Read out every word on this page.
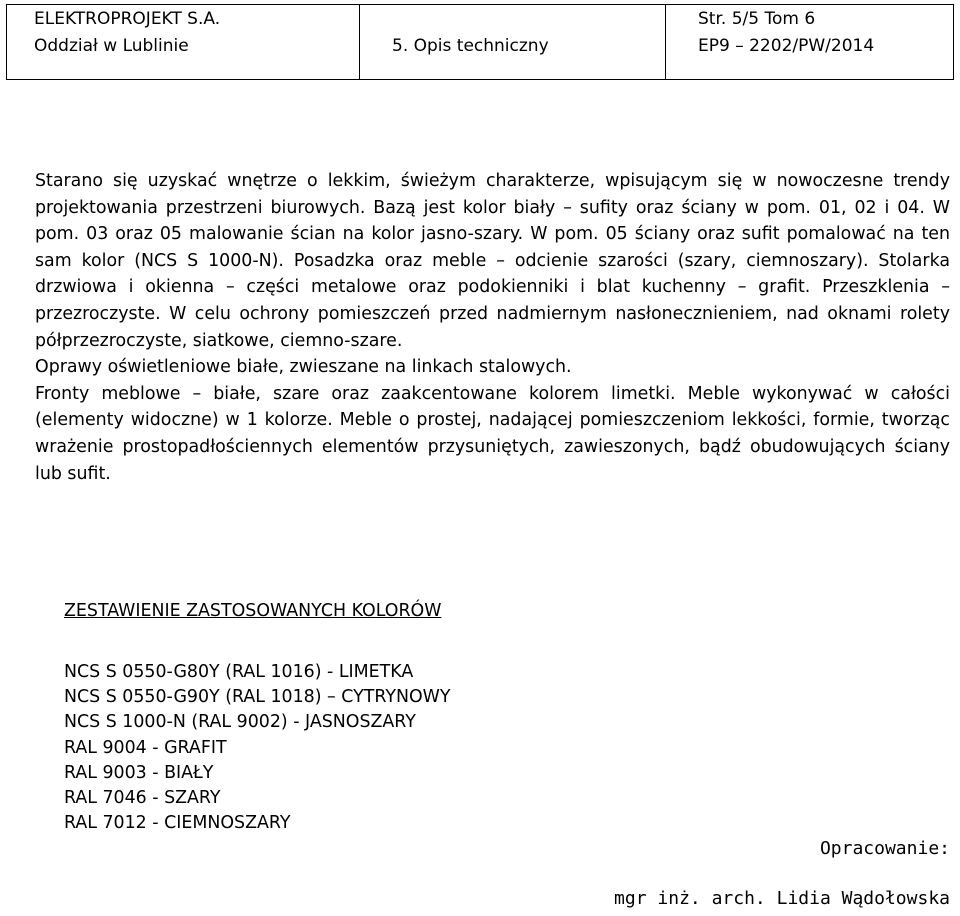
ELEKTROPROJEKT S.A.
Oddział w Lublinie
	5. Opis techniczny
Str. 5/5 Tom 6
EP9 – 2202/PW/2014

Starano się uzyskać wnętrze o lekkim, świeżym charakterze, wpisującym się w nowoczesne trendy projektowania przestrzeni biurowych. Bazą jest kolor biały – sufity oraz ściany w pom. 01, 02 i 04. W pom. 03 oraz 05 malowanie ścian na kolor jasno-szary. W pom. 05 ściany oraz sufit pomalować na ten sam kolor (NCS S 1000-N). Posadzka oraz meble – odcienie szarości (szary, ciemnoszary). Stolarka drzwiowa i okienna – części metalowe oraz podokienniki i blat kuchenny – grafit. Przeszklenia – przezroczyste. W celu ochrony pomieszczeń przed nadmiernym nasłonecznieniem, nad oknami rolety półprzezroczyste, siatkowe, ciemno-szare.

Oprawy oświetleniowe białe, zwieszane na linkach stalowych.

Fronty meblowe – białe, szare oraz zaakcentowane kolorem limetki. Meble wykonywać w całości (elementy widoczne) w 1 kolorze. Meble o prostej, nadającej pomieszczeniom lekkości, formie, tworząc wrażenie prostopadłościennych elementów przysuniętych, zawieszonych, bądź obudowujących ściany lub sufit.

ZESTAWIENIE ZASTOSOWANYCH KOLORÓW

NCS S 0550-G80Y (RAL 1016) - LIMETKA
NCS S 0550-G90Y (RAL 1018) – CYTRYNOWY
NCS S 1000-N (RAL 9002) - JASNOSZARY
RAL 9004 - GRAFIT
RAL 9003 - BIAŁY
RAL 7046 - SZARY
RAL 7012 - CIEMNOSZARY
Opracowanie:
mgr inż. arch. Lidia Wądołowska
